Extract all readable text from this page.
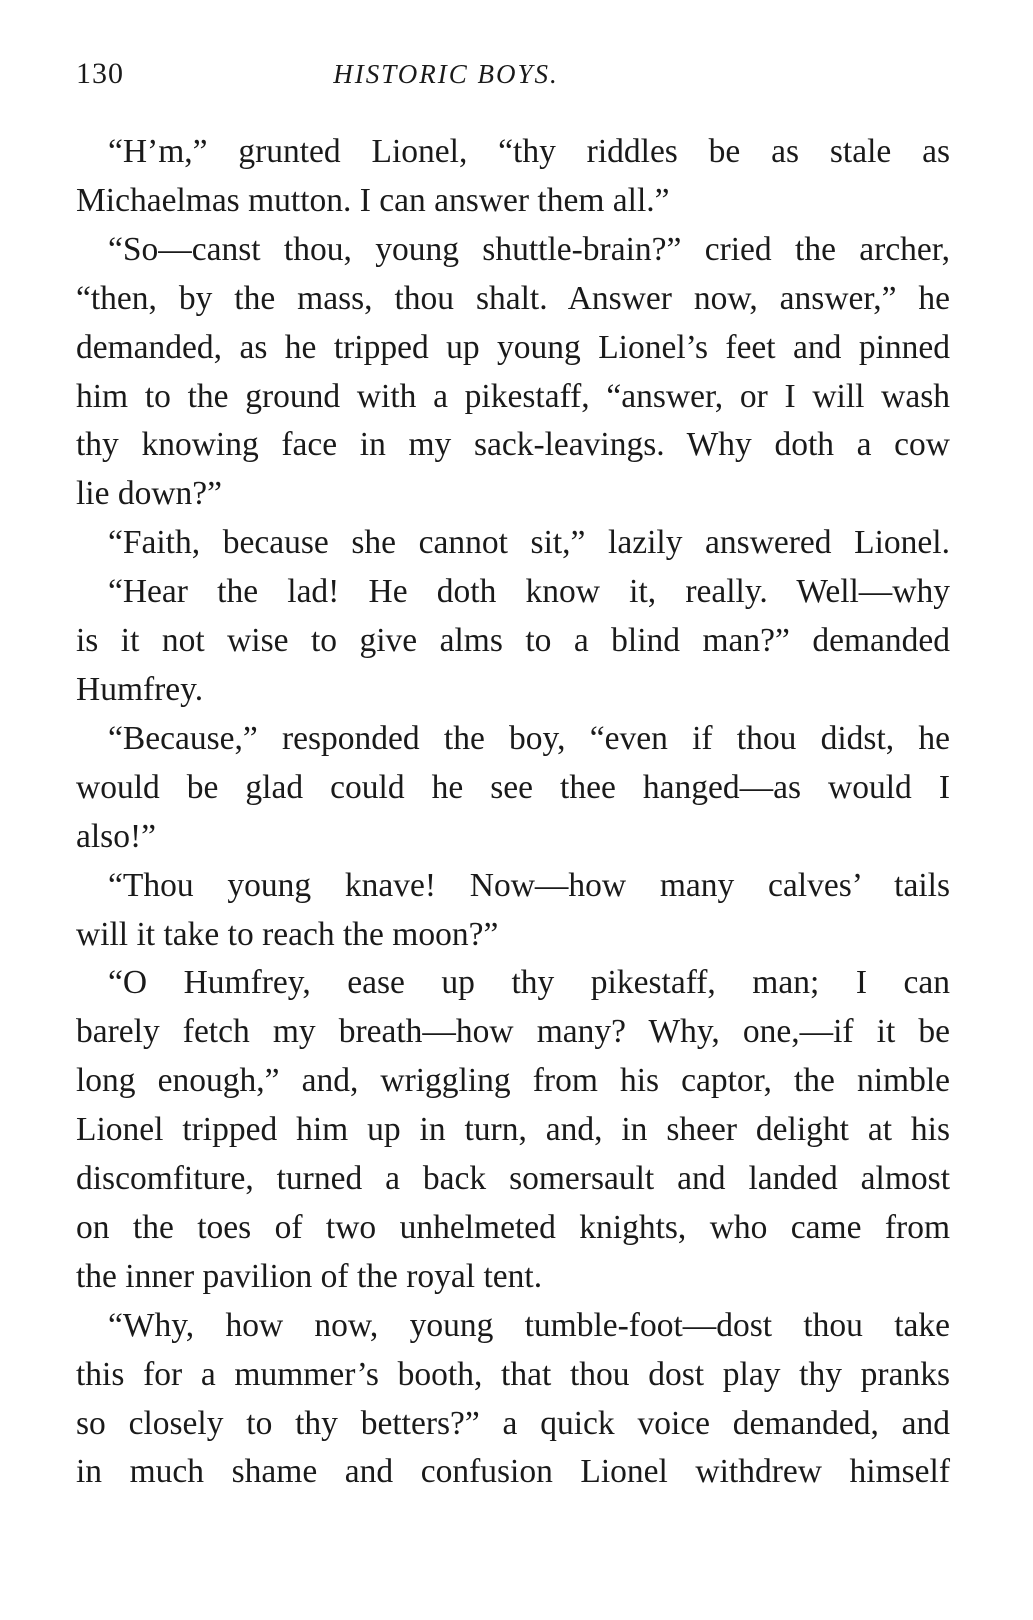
130	HISTORIC BOYS.

“H’m,” grunted Lionel, “thy riddles be as stale as
Michaelmas mutton. I can answer them all.”

“So—canst thou, young shuttle-brain?” cried the archer,
“then, by the mass, thou shalt. Answer now, answer,” he
demanded, as he tripped up young Lionel’s feet and pinned
him to the ground with a pikestaff, “answer, or I will wash
thy knowing face in my sack-leavings. Why doth a cow
lie down?”

“Faith, because she cannot sit,” lazily answered Lionel.

“Hear the lad! He doth know it, really. Well—why
is it not wise to give alms to a blind man?” demanded
Humfrey.

“Because,” responded the boy, “even if thou didst, he
would be glad could he see thee hanged—as would I
also!”

“Thou young knave! Now—how many calves’ tails
will it take to reach the moon?”

“O Humfrey, ease up thy pikestaff, man; I can
barely fetch my breath—how many? Why, one,—if it be
long enough,” and, wriggling from his captor, the nimble
Lionel tripped him up in turn, and, in sheer delight at his
discomfiture, turned a back somersault and landed almost
on the toes of two unhelmeted knights, who came from
the inner pavilion of the royal tent.

“Why, how now, young tumble-foot—dost thou take
this for a mummer’s booth, that thou dost play thy pranks
so closely to thy betters?” a quick voice demanded, and
in much shame and confusion Lionel withdrew himself
